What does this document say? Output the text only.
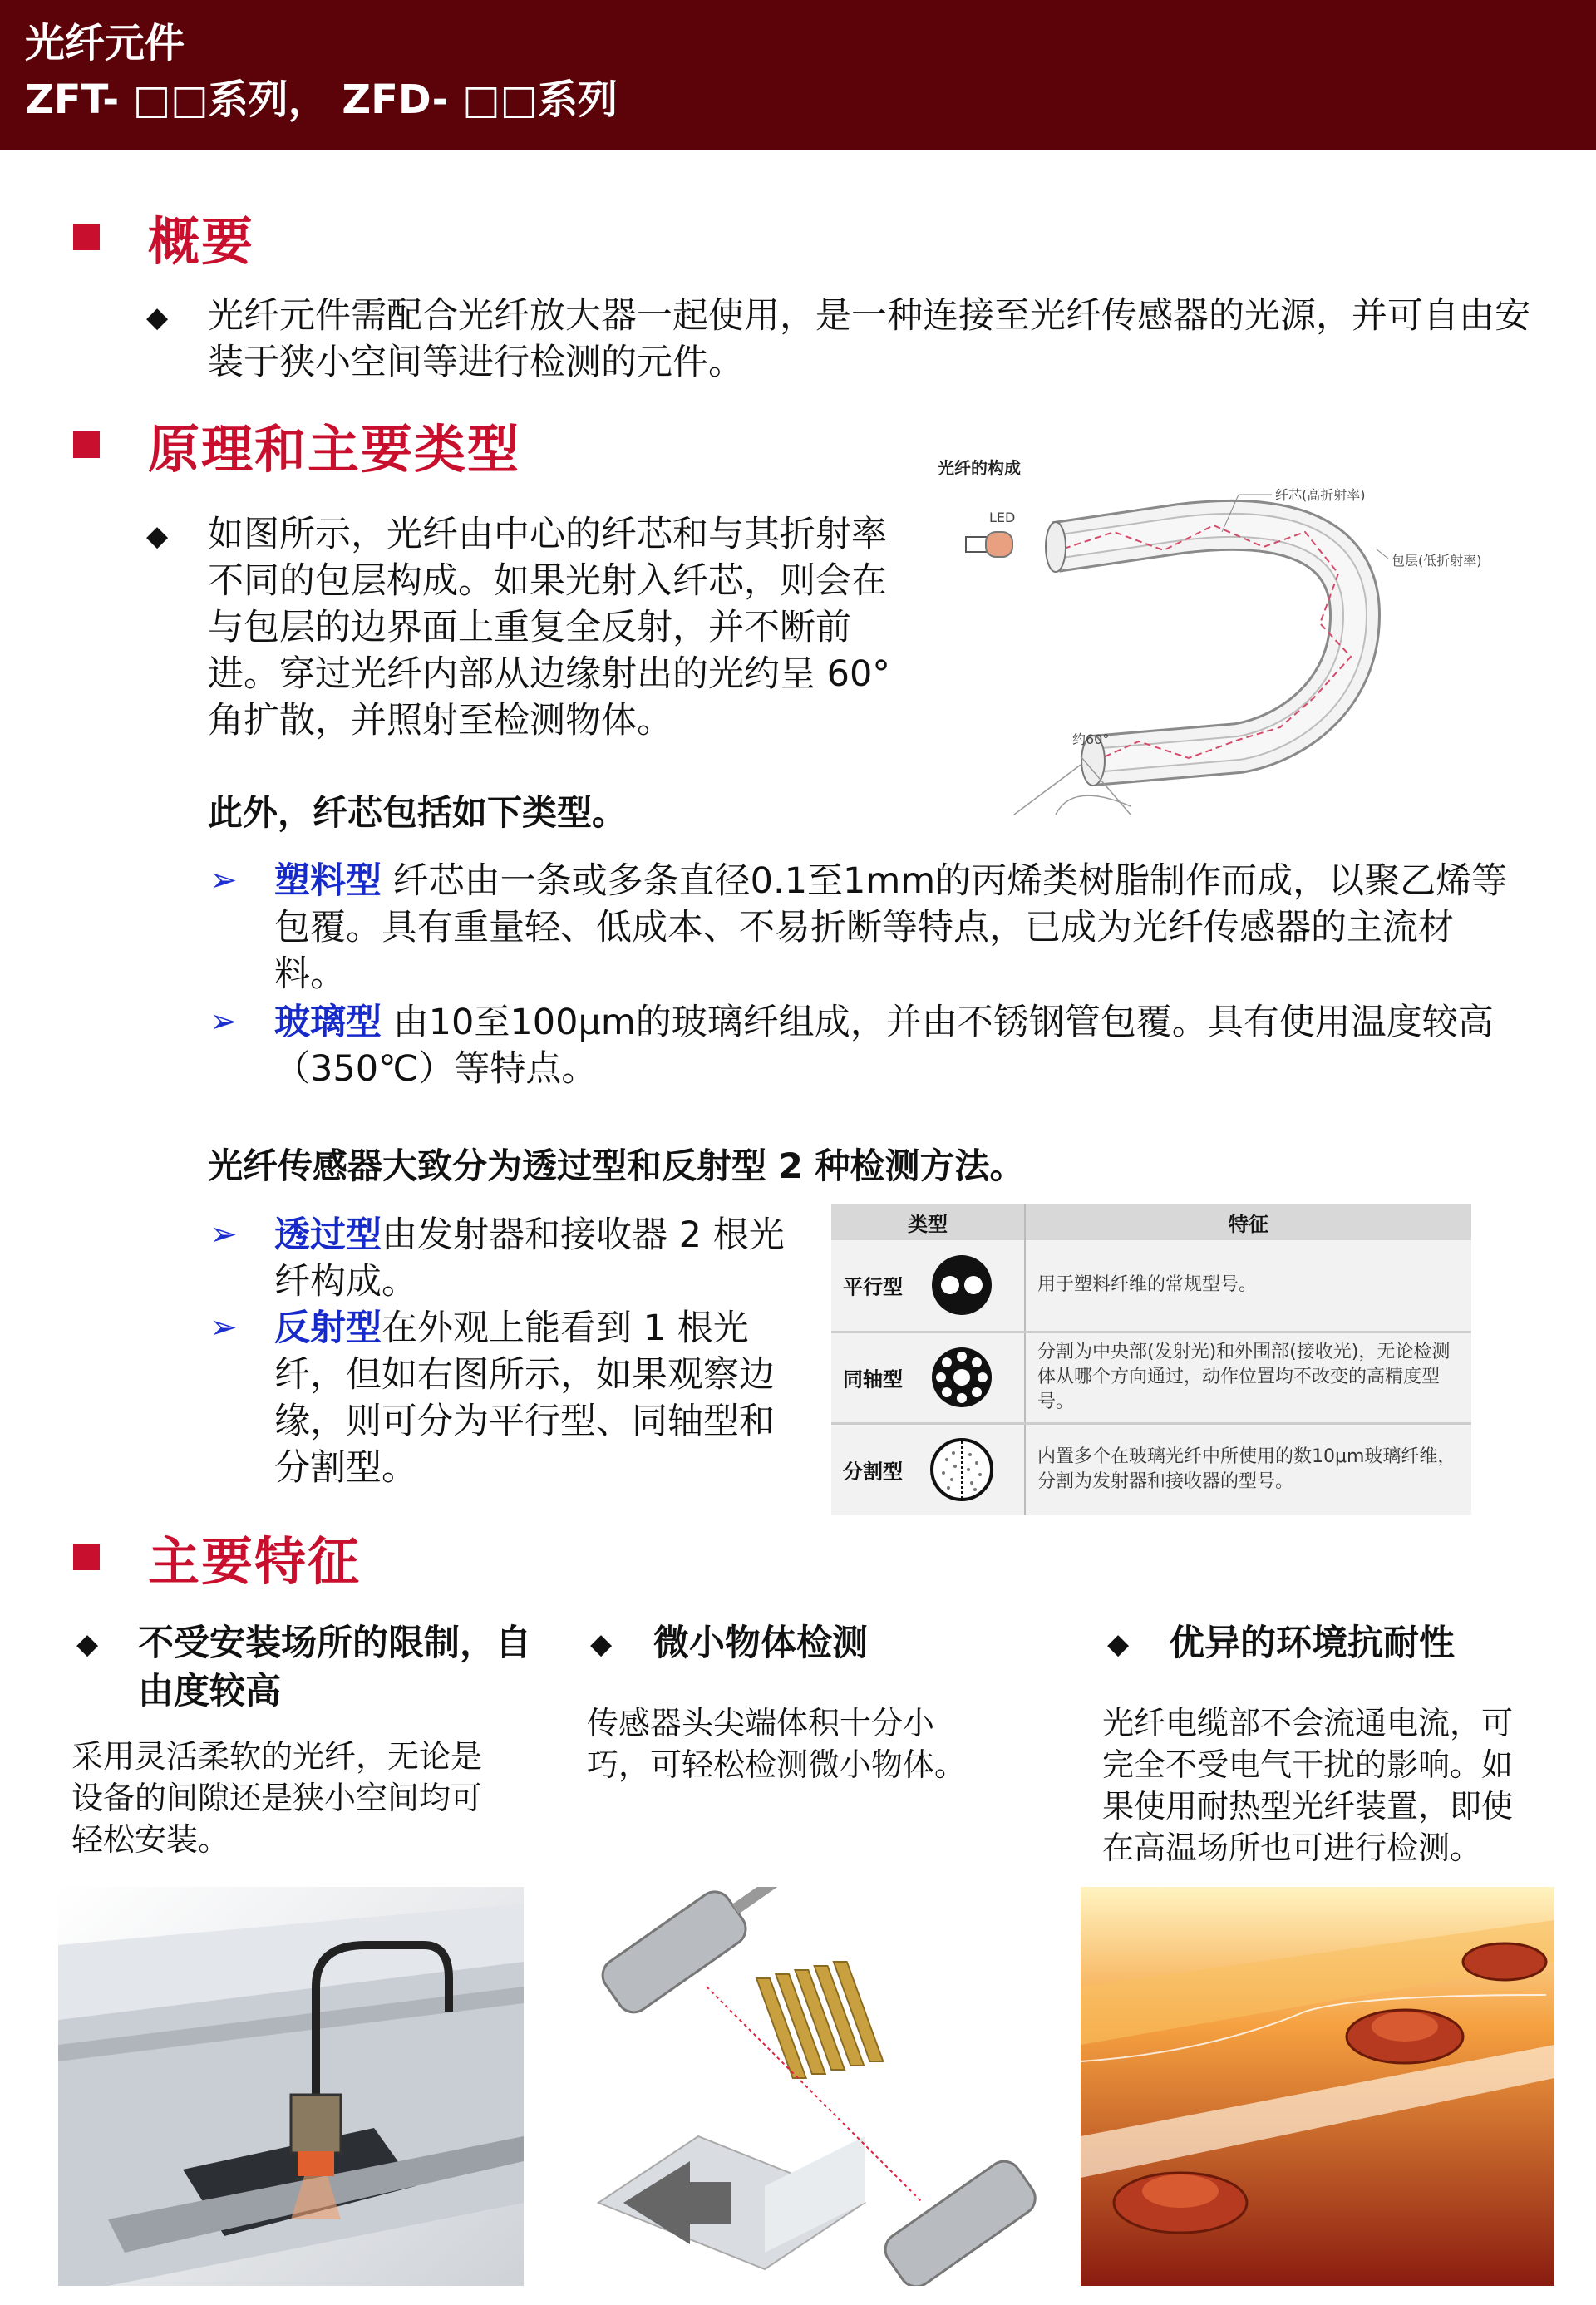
光纤元件
ZFT- □□系列， ZFD- □□系列
概要
◆ 光纤元件需配合光纤放大器一起使用，是一种连接至光纤传感器的光源，并可自由安装于狭小空间等进行检测的元件。
原理和主要类型
◆ 如图所示，光纤由中心的纤芯和与其折射率不同的包层构成。如果光射入纤芯，则会在与包层的边界面上重复全反射，并不断前进。穿过光纤内部从边缘射出的光约呈 60°角扩散，并照射至检测物体。
光纤的构成
LED
纤芯(高折射率)
包层(低折射率)
约60°
此外，纤芯包括如下类型。
➢ 塑料型 纤芯由一条或多条直径0.1至1mm的丙烯类树脂制作而成，以聚乙烯等包覆。具有重量轻、低成本、不易折断等特点，已成为光纤传感器的主流材料。
➢ 玻璃型 由10至100μm的玻璃纤组成，并由不锈钢管包覆。具有使用温度较高（350℃）等特点。
光纤传感器大致分为透过型和反射型 2 种检测方法。
➢ 透过型由发射器和接收器 2 根光纤构成。
➢ 反射型在外观上能看到 1 根光纤，但如右图所示，如果观察边缘，则可分为平行型、同轴型和分割型。
类型	特征
平行型	用于塑料纤维的常规型号。
同轴型	分割为中央部(发射光)和外围部(接收光)，无论检测体从哪个方向通过，动作位置均不改变的高精度型号。
分割型	内置多个在玻璃光纤中所使用的数10μm玻璃纤维，分割为发射器和接收器的型号。
主要特征
◆ 不受安装场所的限制，自由度较高
采用灵活柔软的光纤，无论是设备的间隙还是狭小空间均可轻松安装。
◆ 微小物体检测
传感器头尖端体积十分小巧，可轻松检测微小物体。
◆ 优异的环境抗耐性
光纤电缆部不会流通电流，可完全不受电气干扰的影响。如果使用耐热型光纤装置，即使在高温场所也可进行检测。
